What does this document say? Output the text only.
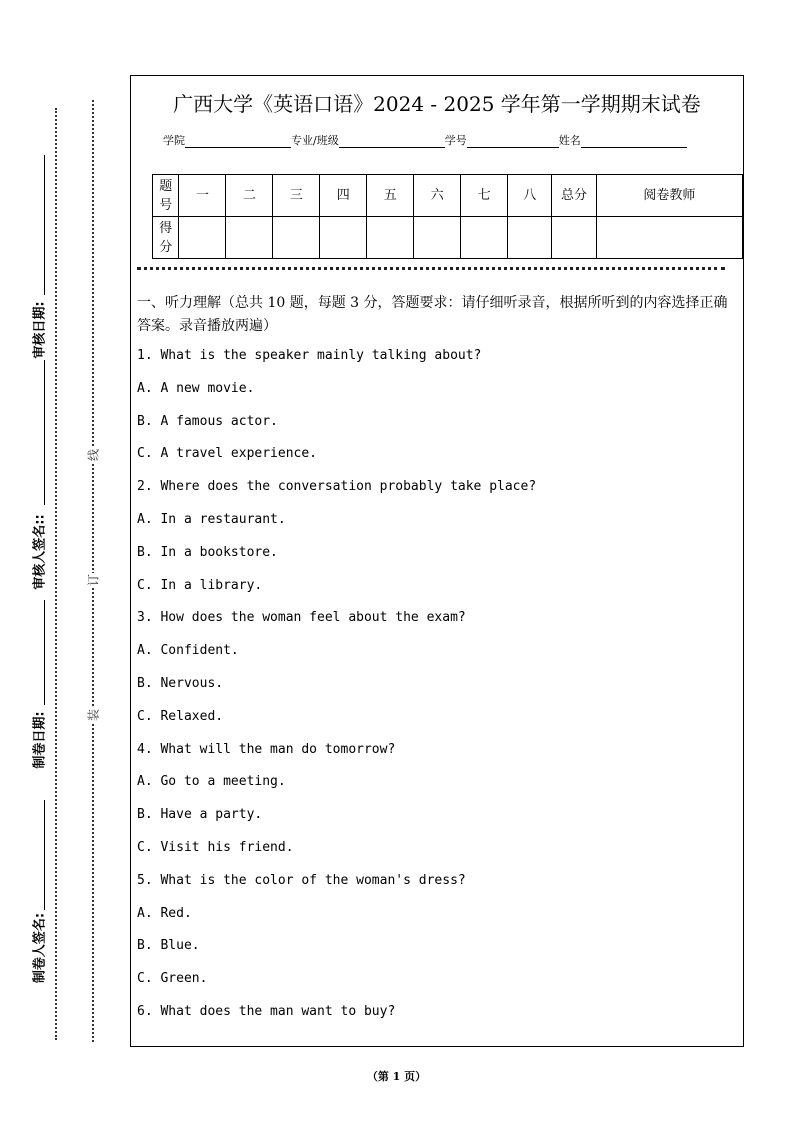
审核日期:
审核人签名::
制卷日期:
制卷人签名:
线
订
装
广西大学《英语口语》2024 - 2025 学年第一学期期末试卷
学院	专业/班级	学号	姓名
题号	一	二	三	四	五	六	七	八	总分	阅卷教师
得分										
一、听力理解（总共 10 题，每题 3 分，答题要求：请仔细听录音，根据所听到的内容选择正确答案。录音播放两遍）
1. What is the speaker mainly talking about?
A. A new movie.
B. A famous actor.
C. A travel experience.
2. Where does the conversation probably take place?
A. In a restaurant.
B. In a bookstore.
C. In a library.
3. How does the woman feel about the exam?
A. Confident.
B. Nervous.
C. Relaxed.
4. What will the man do tomorrow?
A. Go to a meeting.
B. Have a party.
C. Visit his friend.
5. What is the color of the woman's dress?
A. Red.
B. Blue.
C. Green.
6. What does the man want to buy?
（第 1 页）
